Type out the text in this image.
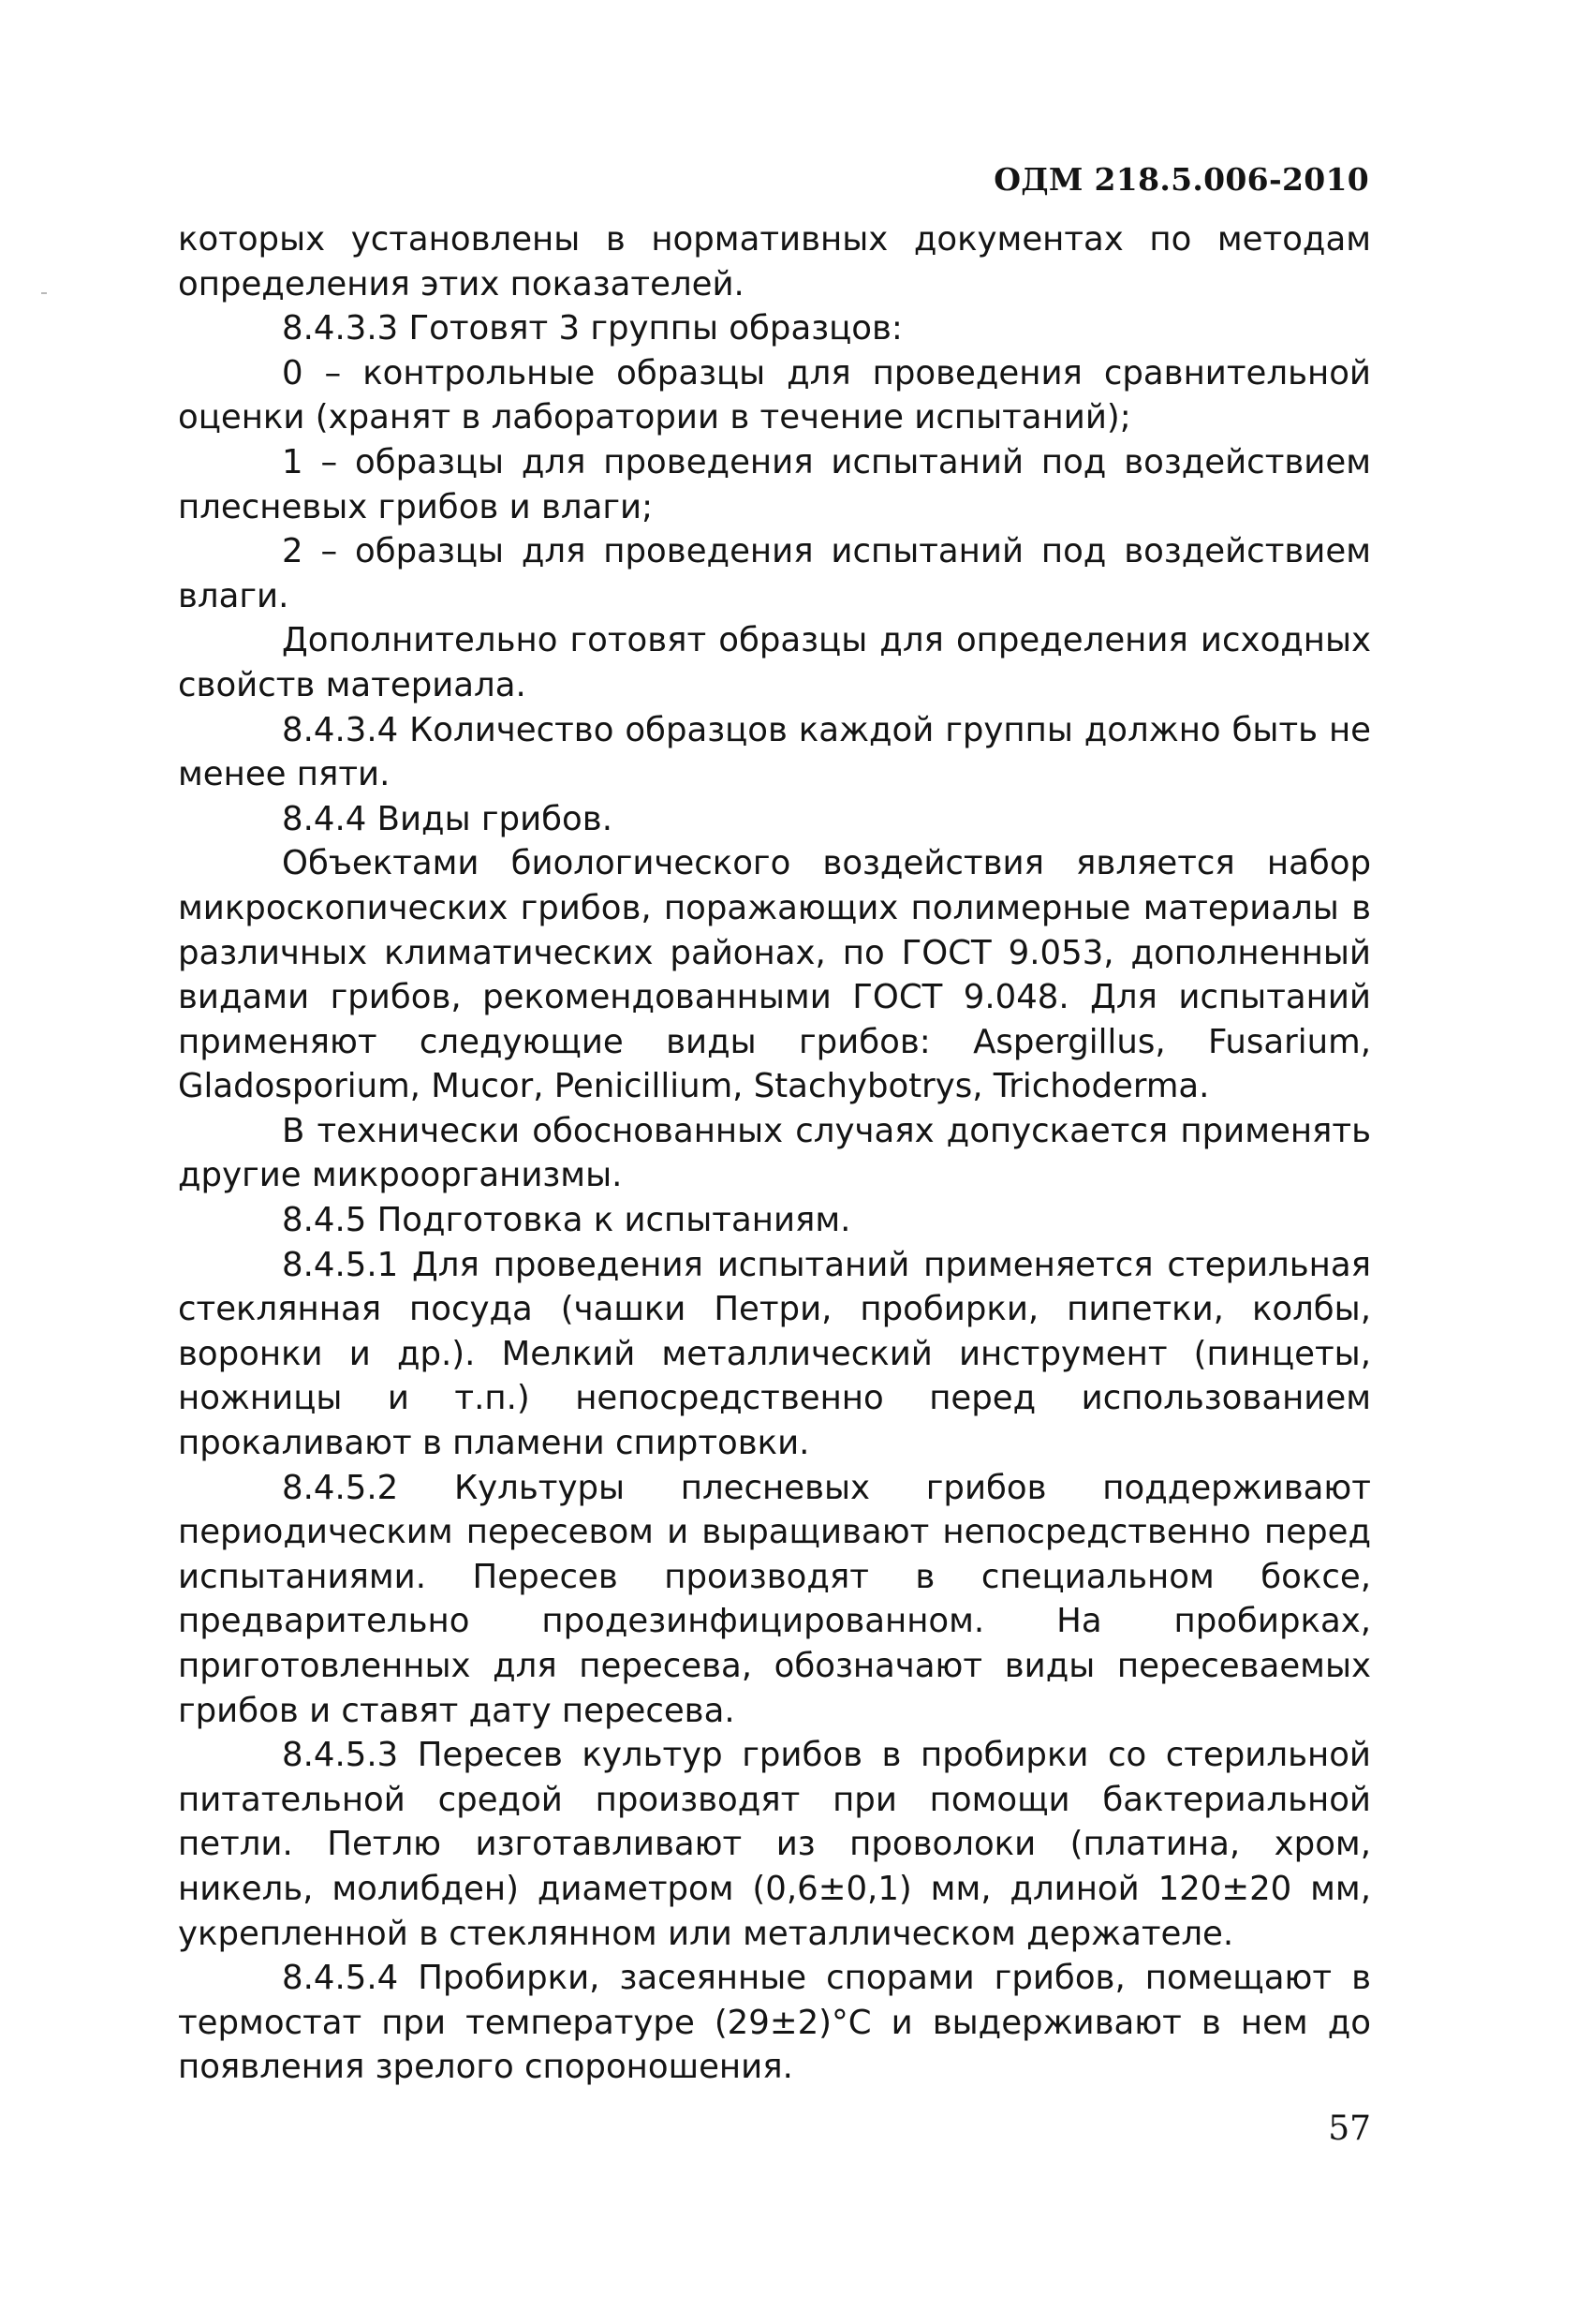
ОДМ 218.5.006-2010

которых установлены в нормативных документах по методам определения этих показателей.

8.4.3.3 Готовят 3 группы образцов:

0 – контрольные образцы для проведения сравнительной оценки (хранят в лаборатории в течение испытаний);

1 – образцы для проведения испытаний под воздействием плесневых грибов и влаги;

2 – образцы для проведения испытаний под воздействием влаги.

Дополнительно готовят образцы для определения исходных свойств материала.

8.4.3.4 Количество образцов каждой группы должно быть не менее пяти.

8.4.4 Виды грибов.

Объектами биологического воздействия является набор микроскопических грибов, поражающих полимерные материалы в различных климатических районах, по ГОСТ 9.053, дополненный видами грибов, рекомендованными ГОСТ 9.048. Для испытаний применяют следующие виды грибов: Aspergillus, Fusarium, Gladosporium, Mucor, Penicillium, Stachybotrys, Trichoderma.

В технически обоснованных случаях допускается применять другие микроорганизмы.

8.4.5 Подготовка к испытаниям.

8.4.5.1 Для проведения испытаний применяется стерильная стеклянная посуда (чашки Петри, пробирки, пипетки, колбы, воронки и др.). Мелкий металлический инструмент (пинцеты, ножницы и т.п.) непосредственно перед использованием прокаливают в пламени спиртовки.

8.4.5.2 Культуры плесневых грибов поддерживают периодическим пересевом и выращивают непосредственно перед испытаниями. Пересев производят в специальном боксе, предварительно продезинфицированном. На пробирках, приготовленных для пересева, обозначают виды пересеваемых грибов и ставят дату пересева.

8.4.5.3 Пересев культур грибов в пробирки со стерильной питательной средой производят при помощи бактериальной петли. Петлю изготавливают из проволоки (платина, хром, никель, молибден) диаметром (0,6±0,1) мм, длиной 120±20 мм, укрепленной в стеклянном или металлическом держателе.

8.4.5.4 Пробирки, засеянные спорами грибов, помещают в термостат при температуре (29±2)°С и выдерживают в нем до появления зрелого спороношения.

57
